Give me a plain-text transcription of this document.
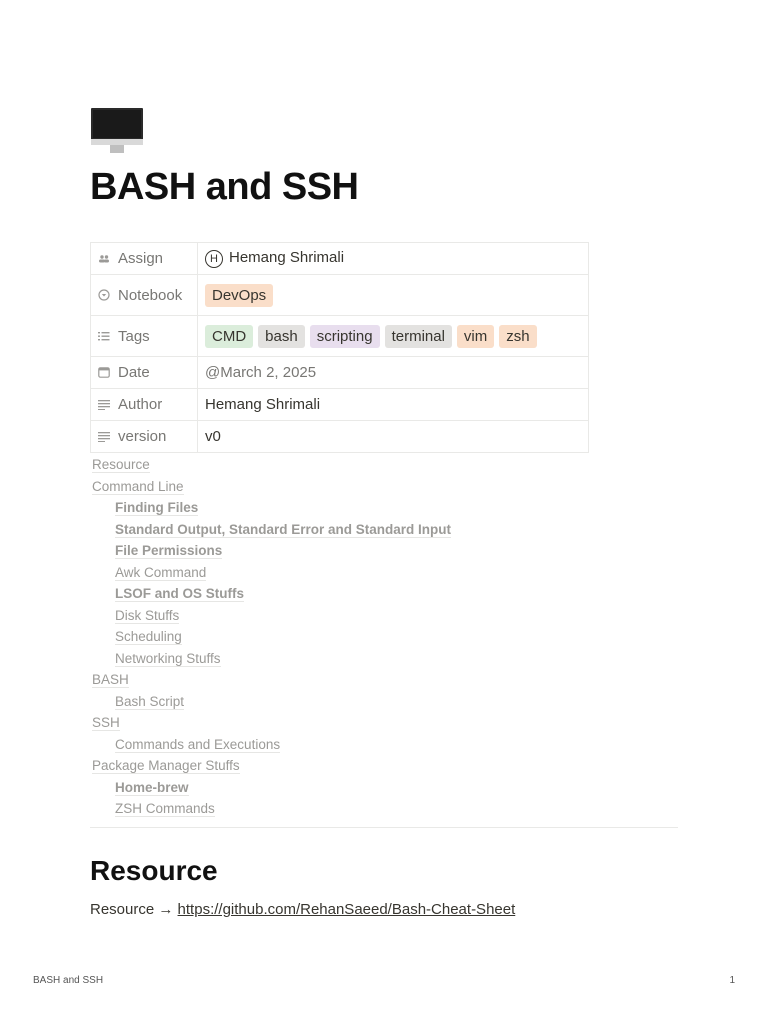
BASH and SSH
Assign	H Hemang Shrimali
Notebook	DevOps
Tags	CMD bash scripting terminal vim zsh
Date	@March 2, 2025
Author	Hemang Shrimali
version	v0
Resource
Command Line
Finding Files
Standard Output, Standard Error and Standard Input
File Permissions
Awk Command
LSOF and OS Stuffs
Disk Stuffs
Scheduling
Networking Stuffs
BASH
Bash Script
SSH
Commands and Executions
Package Manager Stuffs
Home-brew
ZSH Commands
Resource
Resource → https://github.com/RehanSaeed/Bash-Cheat-Sheet
BASH and SSH	1
